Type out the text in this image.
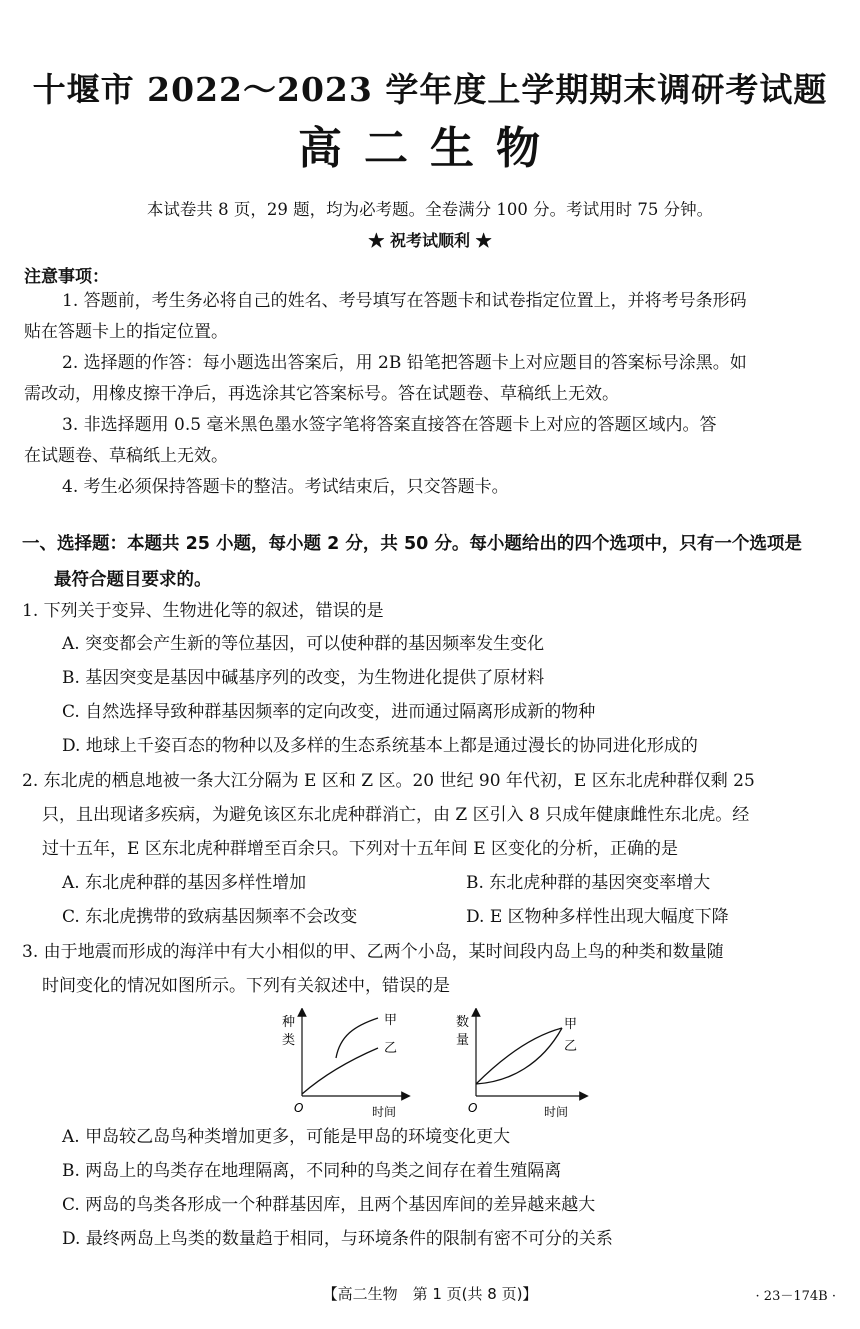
十堰市 2022～2023 学年度上学期期末调研考试题
高二生物
本试卷共 8 页，29 题，均为必考题。全卷满分 100 分。考试用时 75 分钟。
★ 祝考试顺利 ★
注意事项：
1. 答题前，考生务必将自己的姓名、考号填写在答题卡和试卷指定位置上，并将考号条形码
贴在答题卡上的指定位置。
2. 选择题的作答：每小题选出答案后，用 2B 铅笔把答题卡上对应题目的答案标号涂黑。如
需改动，用橡皮擦干净后，再选涂其它答案标号。答在试题卷、草稿纸上无效。
3. 非选择题用 0.5 毫米黑色墨水签字笔将答案直接答在答题卡上对应的答题区域内。答
在试题卷、草稿纸上无效。
4. 考生必须保持答题卡的整洁。考试结束后，只交答题卡。
一、选择题：本题共 25 小题，每小题 2 分，共 50 分。每小题给出的四个选项中，只有一个选项是
最符合题目要求的。
1. 下列关于变异、生物进化等的叙述，错误的是
A. 突变都会产生新的等位基因，可以使种群的基因频率发生变化
B. 基因突变是基因中碱基序列的改变，为生物进化提供了原材料
C. 自然选择导致种群基因频率的定向改变，进而通过隔离形成新的物种
D. 地球上千姿百态的物种以及多样的生态系统基本上都是通过漫长的协同进化形成的
2. 东北虎的栖息地被一条大江分隔为 E 区和 Z 区。20 世纪 90 年代初，E 区东北虎种群仅剩 25
只，且出现诸多疾病，为避免该区东北虎种群消亡，由 Z 区引入 8 只成年健康雌性东北虎。经
过十五年，E 区东北虎种群增至百余只。下列对十五年间 E 区变化的分析，正确的是
A. 东北虎种群的基因多样性增加	B. 东北虎种群的基因突变率增大
C. 东北虎携带的致病基因频率不会改变	D. E 区物种多样性出现大幅度下降
3. 由于地震而形成的海洋中有大小相似的甲、乙两个小岛，某时间段内岛上鸟的种类和数量随
时间变化的情况如图所示。下列有关叙述中，错误的是
种
类
O	时间
甲
乙
数
量
O	时间
甲
乙
A. 甲岛较乙岛鸟种类增加更多，可能是甲岛的环境变化更大
B. 两岛上的鸟类存在地理隔离，不同种的鸟类之间存在着生殖隔离
C. 两岛的鸟类各形成一个种群基因库，且两个基因库间的差异越来越大
D. 最终两岛上鸟类的数量趋于相同，与环境条件的限制有密不可分的关系
【高二生物　第 1 页(共 8 页)】	· 23－174B ·
